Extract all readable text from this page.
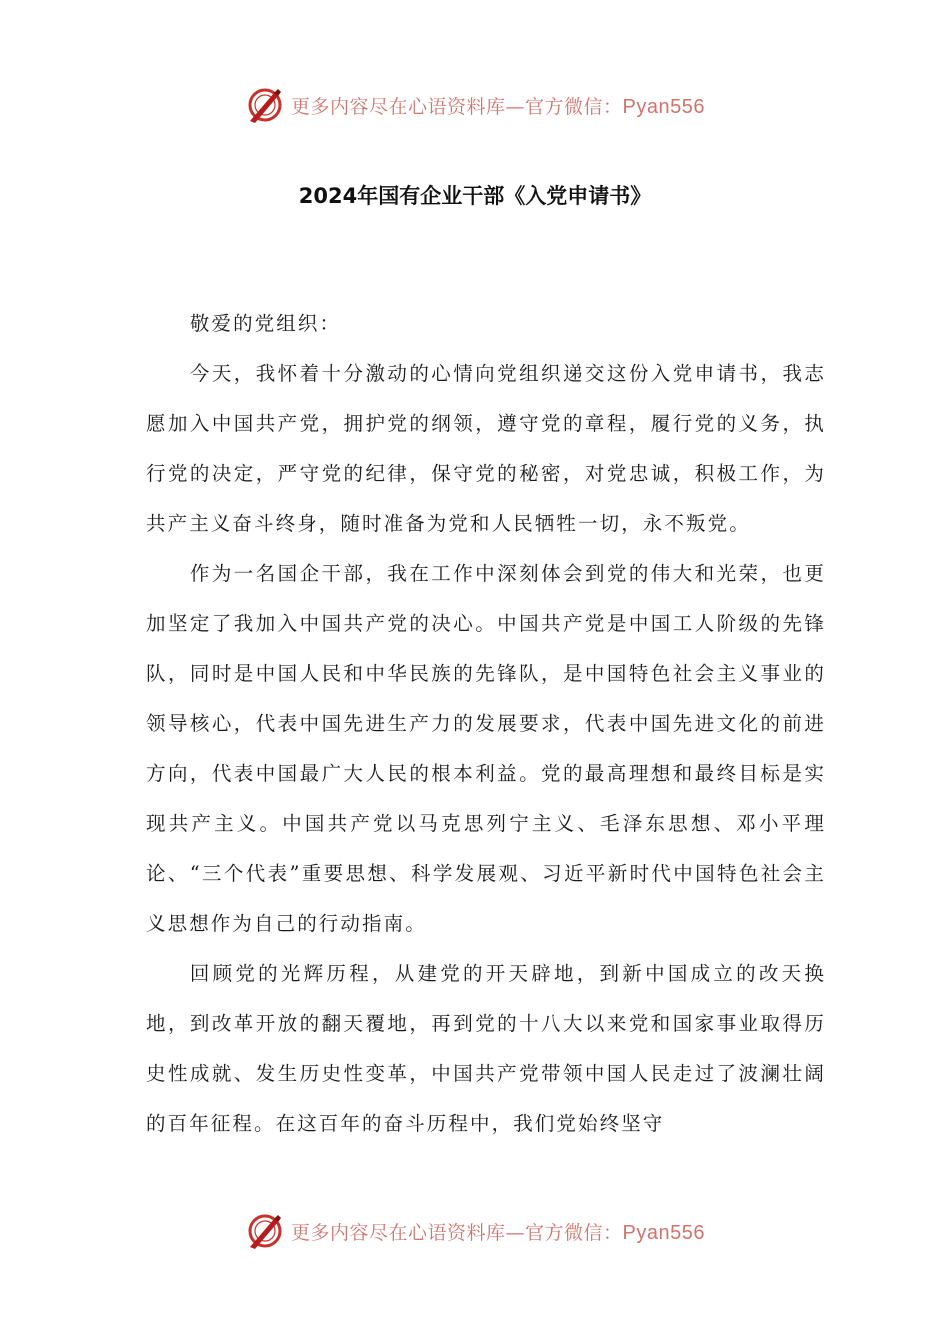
更多内容尽在心语资料库—官方微信：Pyan556
2024年国有企业干部《入党申请书》

敬爱的党组织：

今天，我怀着十分激动的心情向党组织递交这份入党申请书，我志愿加入中国共产党，拥护党的纲领，遵守党的章程，履行党的义务，执行党的决定，严守党的纪律，保守党的秘密，对党忠诚，积极工作，为共产主义奋斗终身，随时准备为党和人民牺牲一切，永不叛党。

作为一名国企干部，我在工作中深刻体会到党的伟大和光荣，也更加坚定了我加入中国共产党的决心。中国共产党是中国工人阶级的先锋队，同时是中国人民和中华民族的先锋队，是中国特色社会主义事业的领导核心，代表中国先进生产力的发展要求，代表中国先进文化的前进方向，代表中国最广大人民的根本利益。党的最高理想和最终目标是实现共产主义。中国共产党以马克思列宁主义、毛泽东思想、邓小平理论、“三个代表”重要思想、科学发展观、习近平新时代中国特色社会主义思想作为自己的行动指南。

回顾党的光辉历程，从建党的开天辟地，到新中国成立的改天换地，到改革开放的翻天覆地，再到党的十八大以来党和国家事业取得历史性成就、发生历史性变革，中国共产党带领中国人民走过了波澜壮阔的百年征程。在这百年的奋斗历程中，我们党始终坚守

更多内容尽在心语资料库—官方微信：Pyan556
